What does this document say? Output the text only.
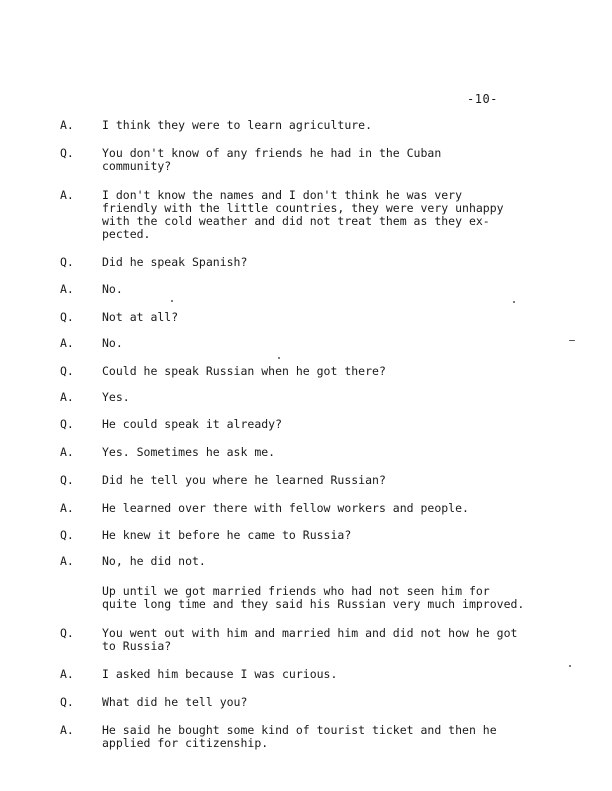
-10-

A. I think they were to learn agriculture.

Q. You don't know of any friends he had in the Cuban
community?

A. I don't know the names and I don't think he was very
friendly with the little countries, they were very unhappy
with the cold weather and did not treat them as they ex-
pected.

Q. Did he speak Spanish?

A. No.

Q. Not at all?

A. No.

Q. Could he speak Russian when he got there?

A. Yes.

Q. He could speak it already?

A. Yes. Sometimes he ask me.

Q. Did he tell you where he learned Russian?

A. He learned over there with fellow workers and people.

Q. He knew it before he came to Russia?

A. No, he did not.

Up until we got married friends who had not seen him for
quite long time and they said his Russian very much improved.

Q. You went out with him and married him and did not how he got
to Russia?

A. I asked him because I was curious.

Q. What did he tell you?

A. He said he bought some kind of tourist ticket and then he
applied for citizenship.
